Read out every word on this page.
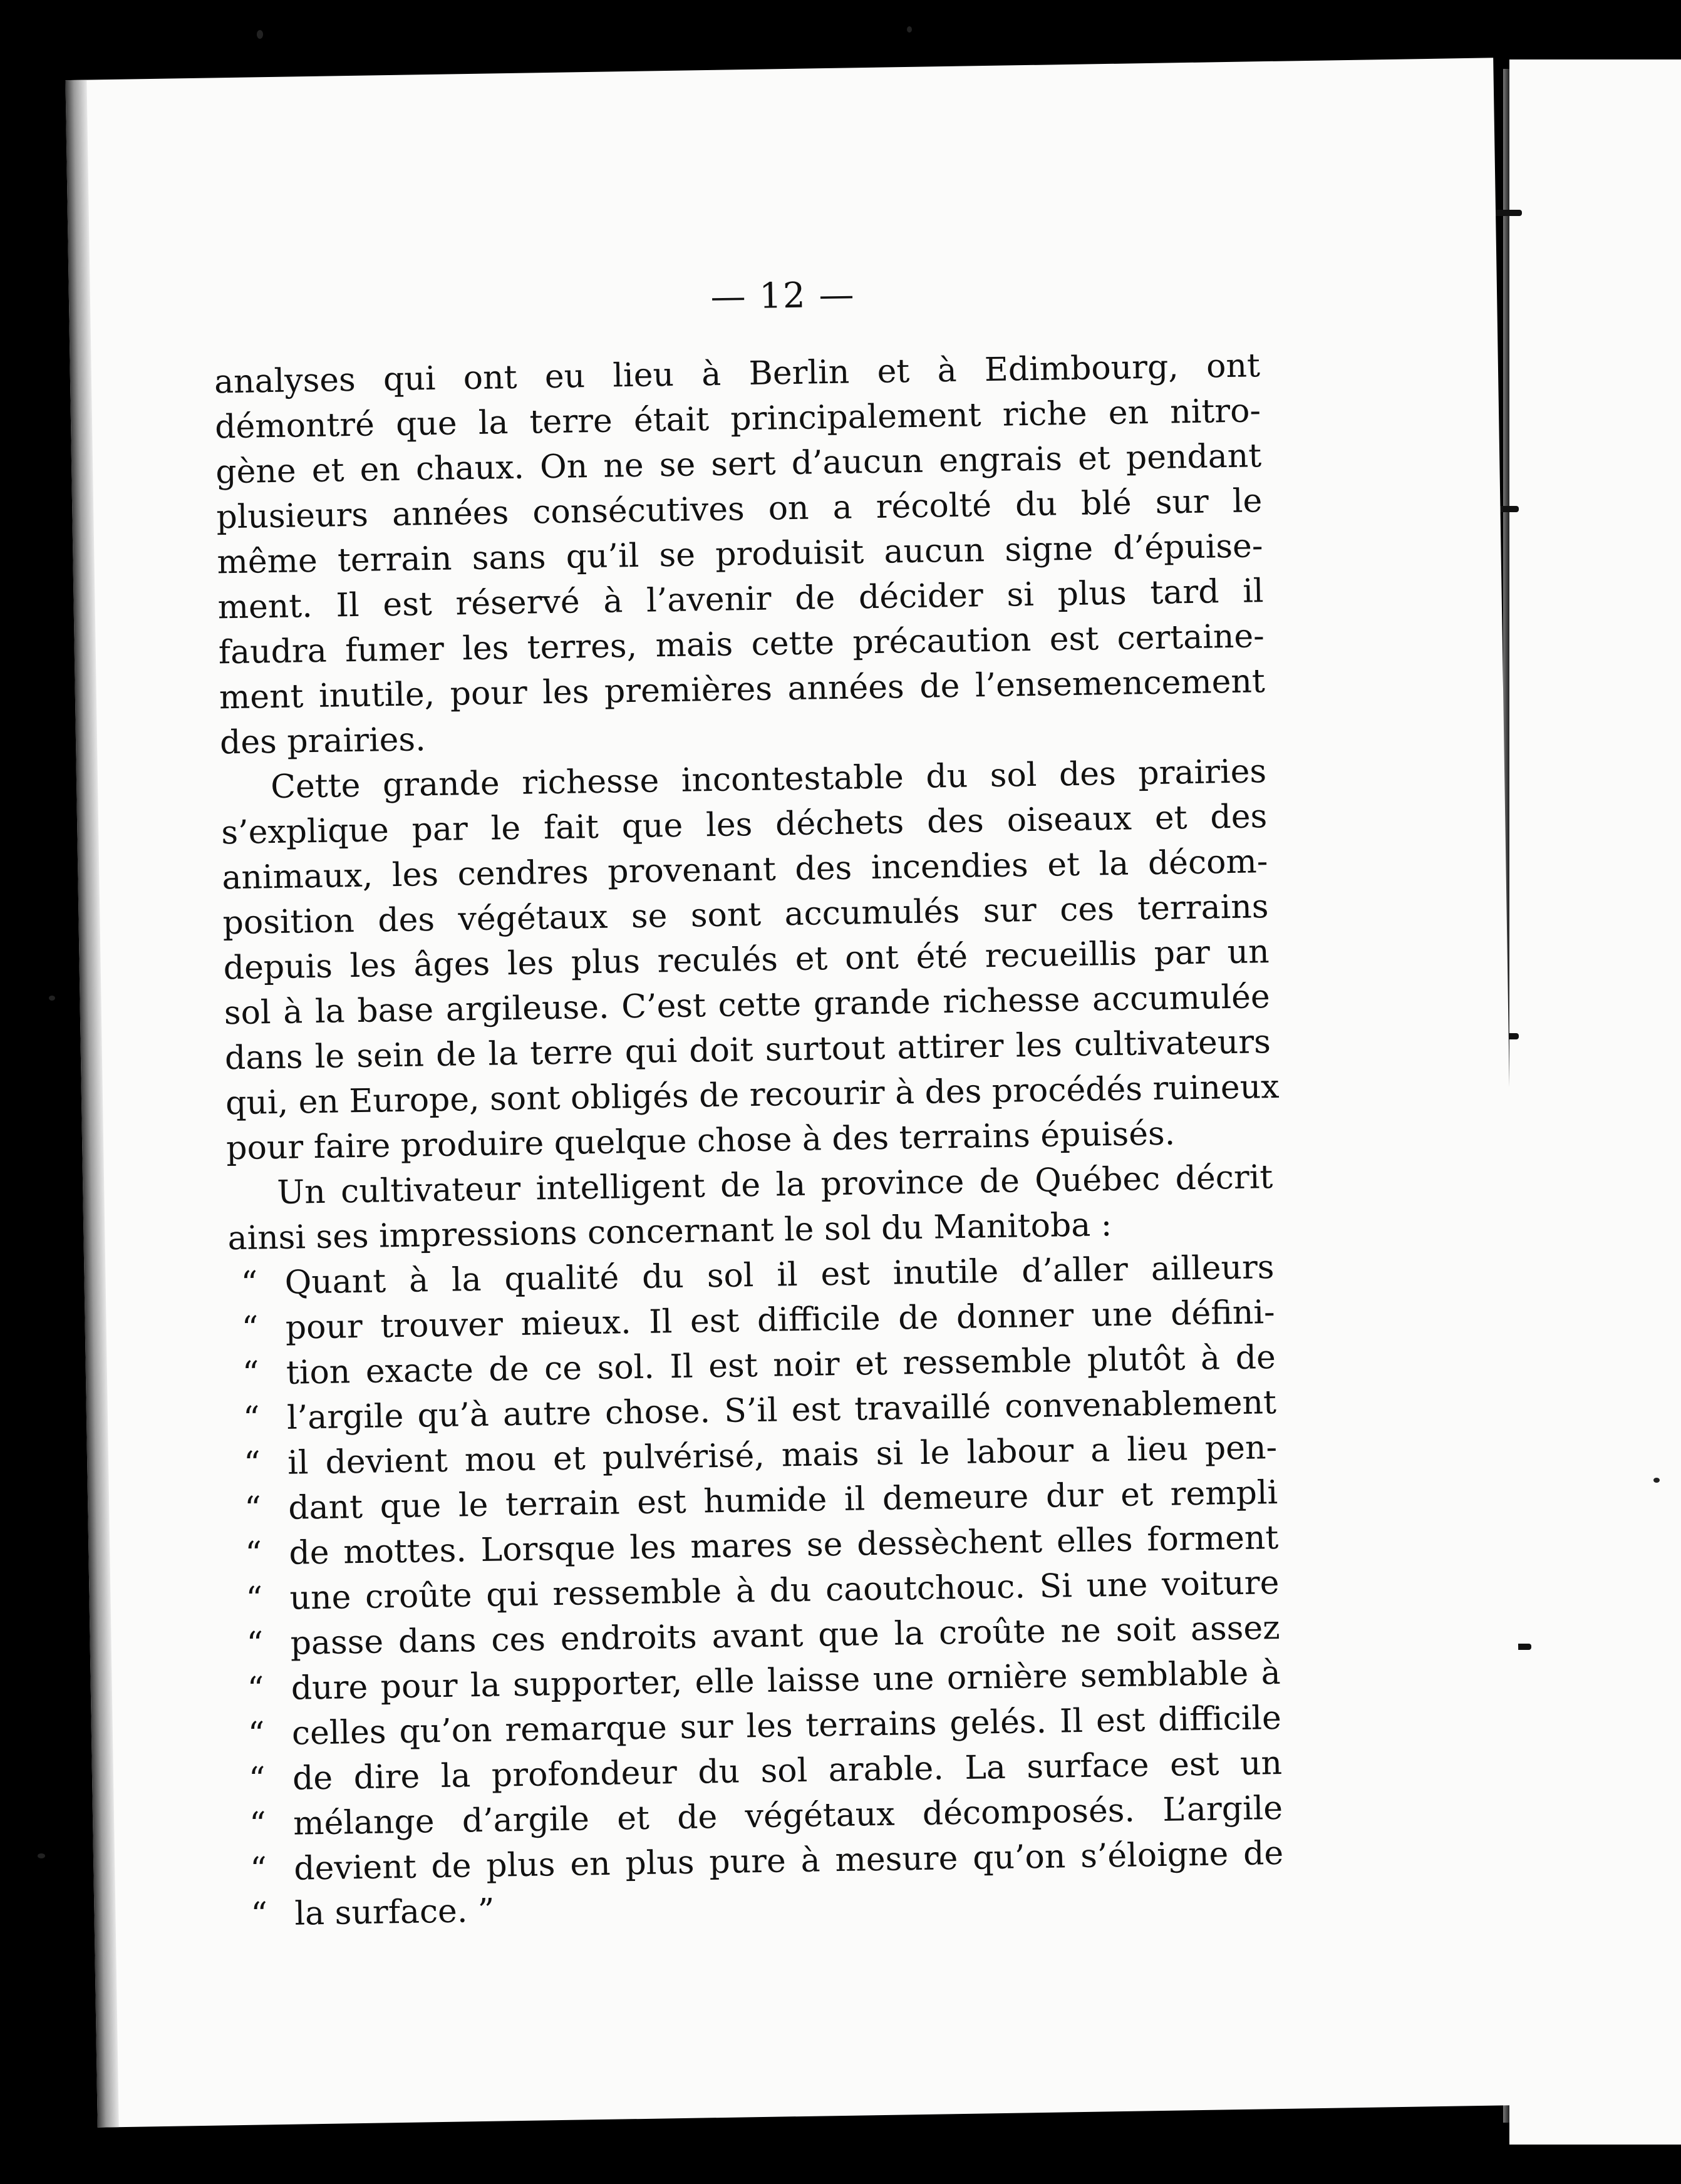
— 12 —
analyses qui ont eu lieu à Berlin et à Edimbourg, ont
démontré que la terre était principalement riche en nitro-
gène et en chaux. On ne se sert d’aucun engrais et pendant
plusieurs années consécutives on a récolté du blé sur le
même terrain sans qu’il se produisit aucun signe d’épuise-
ment. Il est réservé à l’avenir de décider si plus tard il
faudra fumer les terres, mais cette précaution est certaine-
ment inutile, pour les premières années de l’ensemencement
des prairies.
Cette grande richesse incontestable du sol des prairies
s’explique par le fait que les déchets des oiseaux et des
animaux, les cendres provenant des incendies et la décom-
position des végétaux se sont accumulés sur ces terrains
depuis les âges les plus reculés et ont été recueillis par un
sol à la base argileuse. C’est cette grande richesse accumulée
dans le sein de la terre qui doit surtout attirer les cultivateurs
qui, en Europe, sont obligés de recourir à des procédés ruineux
pour faire produire quelque chose à des terrains épuisés.
Un cultivateur intelligent de la province de Québec décrit
ainsi ses impressions concernant le sol du Manitoba :
“ Quant à la qualité du sol il est inutile d’aller ailleurs
“ pour trouver mieux. Il est difficile de donner une défini-
“ tion exacte de ce sol. Il est noir et ressemble plutôt à de
“ l’argile qu’à autre chose. S’il est travaillé convenablement
“ il devient mou et pulvérisé, mais si le labour a lieu pen-
“ dant que le terrain est humide il demeure dur et rempli
“ de mottes. Lorsque les mares se dessèchent elles forment
“ une croûte qui ressemble à du caoutchouc. Si une voiture
“ passe dans ces endroits avant que la croûte ne soit assez
“ dure pour la supporter, elle laisse une ornière semblable à
“ celles qu’on remarque sur les terrains gelés. Il est difficile
“ de dire la profondeur du sol arable. La surface est un
“ mélange d’argile et de végétaux décomposés. L’argile
“ devient de plus en plus pure à mesure qu’on s’éloigne de
“ la surface. ”
